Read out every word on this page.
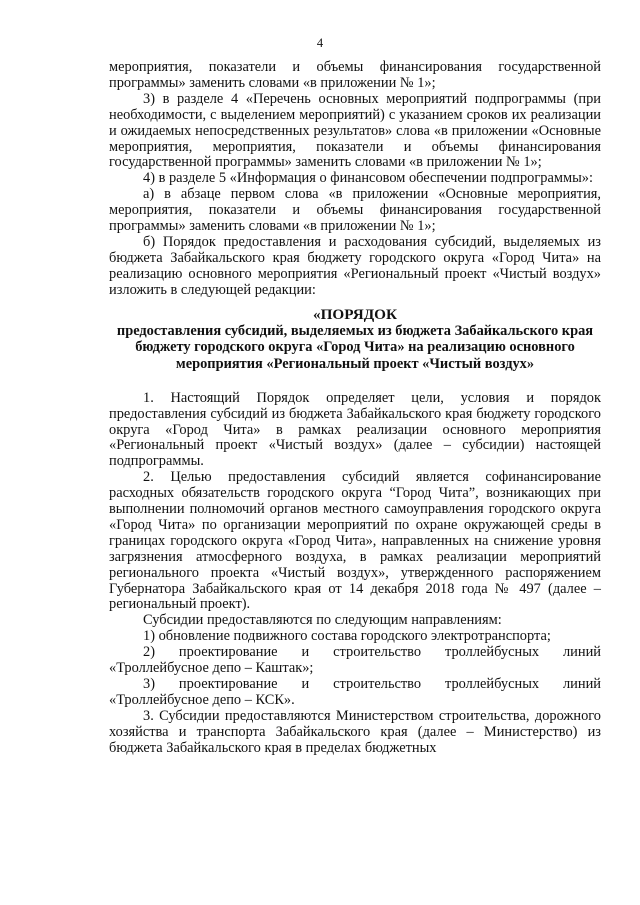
4

мероприятия, показатели и объемы финансирования государственной программы» заменить словами «в приложении № 1»;

3) в разделе 4 «Перечень основных мероприятий подпрограммы (при необходимости, с выделением мероприятий) с указанием сроков их реализации и ожидаемых непосредственных результатов» слова «в приложении «Основные мероприятия, мероприятия, показатели и объемы финансирования государственной программы» заменить словами «в приложении № 1»;

4) в разделе 5 «Информация о финансовом обеспечении подпрограммы»:

а) в абзаце первом слова «в приложении «Основные мероприятия, мероприятия, показатели и объемы финансирования государственной программы» заменить словами «в приложении № 1»;

б) Порядок предоставления и расходования субсидий, выделяемых из бюджета Забайкальского края бюджету городского округа «Город Чита» на реализацию основного мероприятия «Региональный проект «Чистый воздух» изложить в следующей редакции:

«ПОРЯДОК
предоставления субсидий, выделяемых из бюджета Забайкальского края бюджету городского округа «Город Чита» на реализацию основного мероприятия «Региональный проект «Чистый воздух»

1. Настоящий Порядок определяет цели, условия и порядок предоставления субсидий из бюджета Забайкальского края бюджету городского округа «Город Чита» в рамках реализации основного мероприятия «Региональный проект «Чистый воздух» (далее – субсидии) настоящей подпрограммы.

2. Целью предоставления субсидий является софинансирование расходных обязательств городского округа “Город Чита”, возникающих при выполнении полномочий органов местного самоуправления городского округа «Город Чита» по организации мероприятий по охране окружающей среды в границах городского округа «Город Чита», направленных на снижение уровня загрязнения атмосферного воздуха, в рамках реализации мероприятий регионального проекта «Чистый воздух», утвержденного распоряжением Губернатора Забайкальского края от 14 декабря 2018 года № 497 (далее – региональный проект).

Субсидии предоставляются по следующим направлениям:

1) обновление подвижного состава городского электротранспорта;

2) проектирование и строительство троллейбусных линий «Троллейбусное депо – Каштак»;

3) проектирование и строительство троллейбусных линий «Троллейбусное депо – КСК».

3. Субсидии предоставляются Министерством строительства, дорожного хозяйства и транспорта Забайкальского края (далее – Министерство) из бюджета Забайкальского края в пределах бюджетных
